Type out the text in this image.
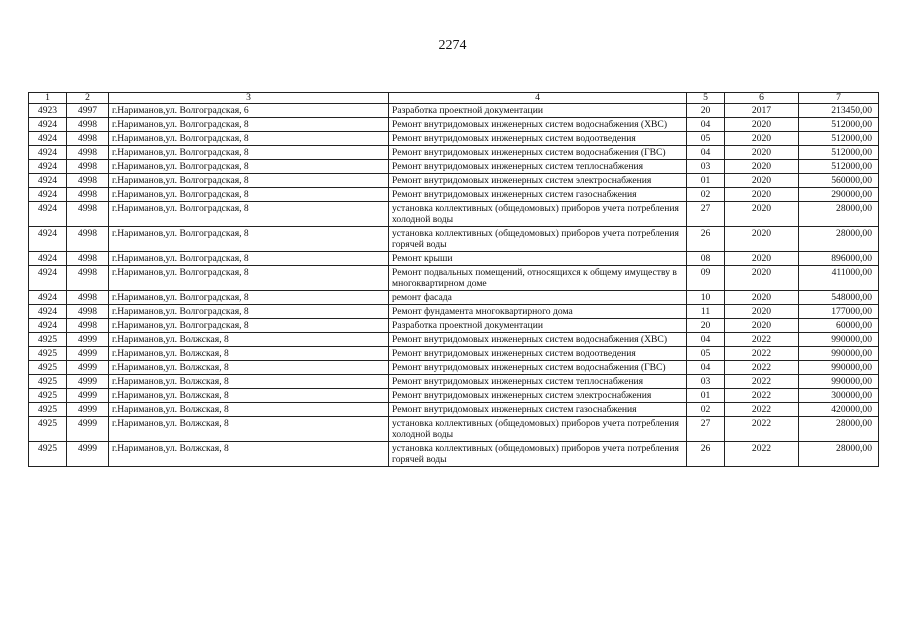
2274
1	2	3	4	5	6	7
4923	4997	г.Нариманов,ул. Волгоградская, 6	Разработка проектной документации	20	2017	213450,00
4924	4998	г.Нариманов,ул. Волгоградская, 8	Ремонт внутридомовых инженерных систем водоснабжения (ХВС)	04	2020	512000,00
4924	4998	г.Нариманов,ул. Волгоградская, 8	Ремонт внутридомовых инженерных систем водоотведения	05	2020	512000,00
4924	4998	г.Нариманов,ул. Волгоградская, 8	Ремонт внутридомовых инженерных систем водоснабжения (ГВС)	04	2020	512000,00
4924	4998	г.Нариманов,ул. Волгоградская, 8	Ремонт внутридомовых инженерных систем теплоснабжения	03	2020	512000,00
4924	4998	г.Нариманов,ул. Волгоградская, 8	Ремонт внутридомовых инженерных систем электроснабжения	01	2020	560000,00
4924	4998	г.Нариманов,ул. Волгоградская, 8	Ремонт внутридомовых инженерных систем газоснабжения	02	2020	290000,00
4924	4998	г.Нариманов,ул. Волгоградская, 8	установка коллективных (общедомовых) приборов учета потребления холодной воды	27	2020	28000,00
4924	4998	г.Нариманов,ул. Волгоградская, 8	установка коллективных (общедомовых) приборов учета потребления горячей воды	26	2020	28000,00
4924	4998	г.Нариманов,ул. Волгоградская, 8	Ремонт крыши	08	2020	896000,00
4924	4998	г.Нариманов,ул. Волгоградская, 8	Ремонт подвальных помещений, относящихся к общему имуществу в многоквартирном доме	09	2020	411000,00
4924	4998	г.Нариманов,ул. Волгоградская, 8	ремонт фасада	10	2020	548000,00
4924	4998	г.Нариманов,ул. Волгоградская, 8	Ремонт фундамента многоквартирного дома	11	2020	177000,00
4924	4998	г.Нариманов,ул. Волгоградская, 8	Разработка проектной документации	20	2020	60000,00
4925	4999	г.Нариманов,ул. Волжская, 8	Ремонт внутридомовых инженерных систем водоснабжения (ХВС)	04	2022	990000,00
4925	4999	г.Нариманов,ул. Волжская, 8	Ремонт внутридомовых инженерных систем водоотведения	05	2022	990000,00
4925	4999	г.Нариманов,ул. Волжская, 8	Ремонт внутридомовых инженерных систем водоснабжения (ГВС)	04	2022	990000,00
4925	4999	г.Нариманов,ул. Волжская, 8	Ремонт внутридомовых инженерных систем теплоснабжения	03	2022	990000,00
4925	4999	г.Нариманов,ул. Волжская, 8	Ремонт внутридомовых инженерных систем электроснабжения	01	2022	300000,00
4925	4999	г.Нариманов,ул. Волжская, 8	Ремонт внутридомовых инженерных систем газоснабжения	02	2022	420000,00
4925	4999	г.Нариманов,ул. Волжская, 8	установка коллективных (общедомовых) приборов учета потребления холодной воды	27	2022	28000,00
4925	4999	г.Нариманов,ул. Волжская, 8	установка коллективных (общедомовых) приборов учета потребления горячей воды	26	2022	28000,00
